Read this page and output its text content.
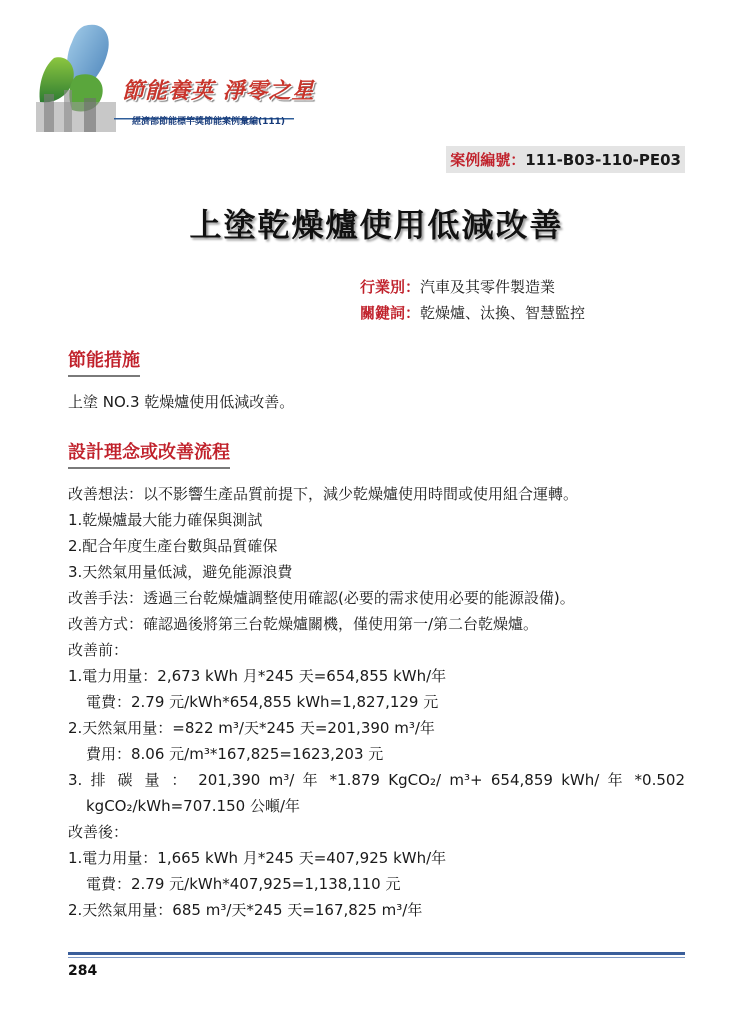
節能養英 淨零之星
經濟部節能標竿獎節能案例彙編(111)
案例編號：111-B03-110-PE03
上塗乾燥爐使用低減改善
行業別：汽車及其零件製造業
關鍵詞：乾燥爐、汰換、智慧監控
節能措施
上塗 NO.3 乾燥爐使用低減改善。
設計理念或改善流程
改善想法：以不影響生產品質前提下，減少乾燥爐使用時間或使用組合運轉。
1.乾燥爐最大能力確保與測試
2.配合年度生產台數與品質確保
3.天然氣用量低減，避免能源浪費
改善手法：透過三台乾燥爐調整使用確認(必要的需求使用必要的能源設備)。
改善方式：確認過後將第三台乾燥爐關機，僅使用第一/第二台乾燥爐。
改善前：
1.電力用量：2,673 kWh 月*245 天=654,855 kWh/年
電費：2.79 元/kWh*654,855 kWh=1,827,129 元
2.天然氣用量：=822 m³/天*245 天=201,390 m³/年
費用：8.06 元/m³*167,825=1623,203 元
3. 排 碳 量 ： 201,390 m³/ 年 *1.879 KgCO₂/ m³+ 654,859 kWh/ 年 *0.502
kgCO₂/kWh=707.150 公噸/年
改善後：
1.電力用量：1,665 kWh 月*245 天=407,925 kWh/年
電費：2.79 元/kWh*407,925=1,138,110 元
2.天然氣用量：685 m³/天*245 天=167,825 m³/年
284
